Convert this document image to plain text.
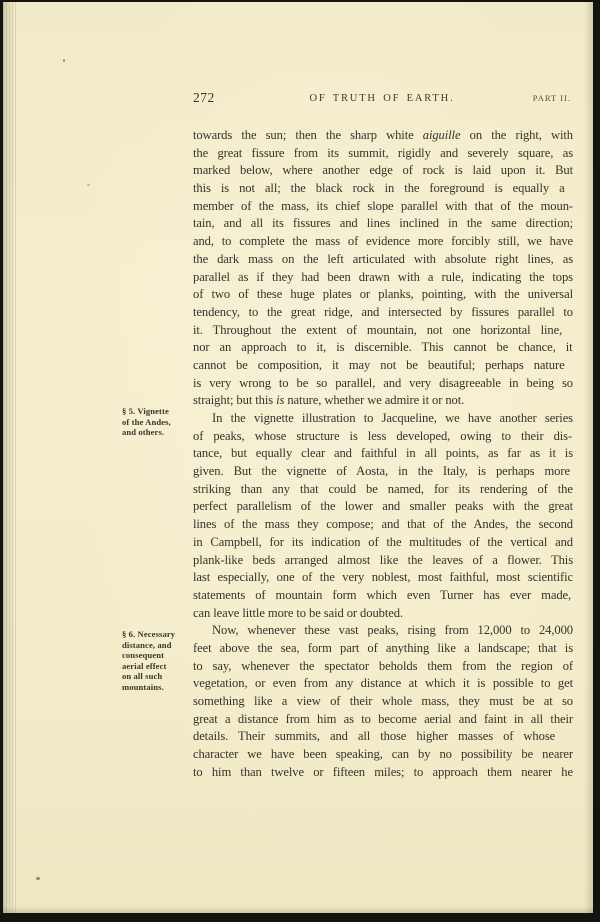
272	OF TRUTH OF EARTH.	PART II.
§ 5. Vignette
of the Andes,
and others.
§ 6. Necessary
distance, and
consequent
aerial effect
on all such
mountains.
towards the sun; then the sharp white aiguille on the right, with
the great fissure from its summit, rigidly and severely square, as
marked below, where another edge of rock is laid upon it. But
this is not all; the black rock in the foreground is equally a
member of the mass, its chief slope parallel with that of the moun-
tain, and all its fissures and lines inclined in the same direction;
and, to complete the mass of evidence more forcibly still, we have
the dark mass on the left articulated with absolute right lines, as
parallel as if they had been drawn with a rule, indicating the tops
of two of these huge plates or planks, pointing, with the universal
tendency, to the great ridge, and intersected by fissures parallel to
it. Throughout the extent of mountain, not one horizontal line,
nor an approach to it, is discernible. This cannot be chance, it
cannot be composition, it may not be beautiful; perhaps nature
is very wrong to be so parallel, and very disagreeable in being so
straight; but this is nature, whether we admire it or not.
In the vignette illustration to Jacqueline, we have another series
of peaks, whose structure is less developed, owing to their dis-
tance, but equally clear and faithful in all points, as far as it is
given. But the vignette of Aosta, in the Italy, is perhaps more
striking than any that could be named, for its rendering of the
perfect parallelism of the lower and smaller peaks with the great
lines of the mass they compose; and that of the Andes, the second
in Campbell, for its indication of the multitudes of the vertical and
plank-like beds arranged almost like the leaves of a flower. This
last especially, one of the very noblest, most faithful, most scientific
statements of mountain form which even Turner has ever made,
can leave little more to be said or doubted.
Now, whenever these vast peaks, rising from 12,000 to 24,000
feet above the sea, form part of anything like a landscape; that is
to say, whenever the spectator beholds them from the region of
vegetation, or even from any distance at which it is possible to get
something like a view of their whole mass, they must be at so
great a distance from him as to become aerial and faint in all their
details. Their summits, and all those higher masses of whose
character we have been speaking, can by no possibility be nearer
to him than twelve or fifteen miles; to approach them nearer he
